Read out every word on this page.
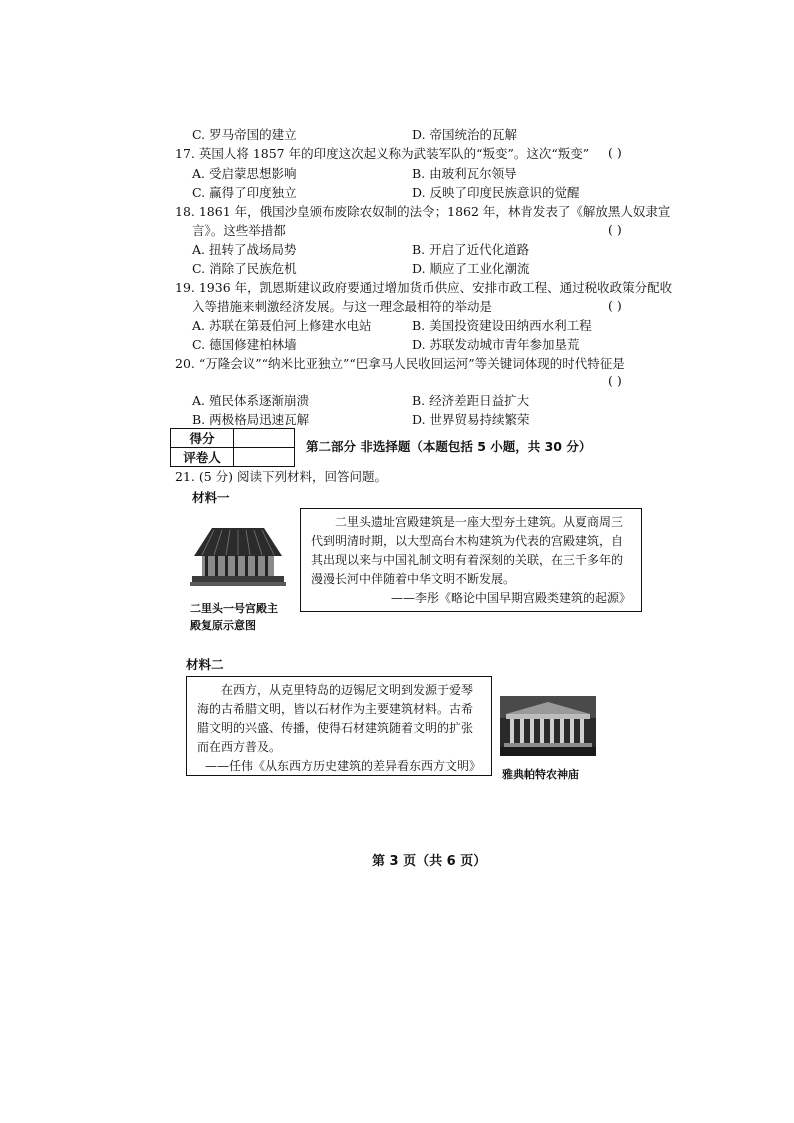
C. 罗马帝国的建立	D. 帝国统治的瓦解
17. 英国人将 1857 年的印度这次起义称为武装军队的“叛变”。这次“叛变” ( )
A. 受启蒙思想影响	B. 由玻利瓦尔领导
C. 赢得了印度独立	D. 反映了印度民族意识的觉醒
18. 1861 年，俄国沙皇颁布废除农奴制的法令；1862 年，林肯发表了《解放黑人奴隶宣
言》。这些举措都	( )
A. 扭转了战场局势	B. 开启了近代化道路
C. 消除了民族危机	D. 顺应了工业化潮流
19. 1936 年，凯恩斯建议政府要通过增加货币供应、安排市政工程、通过税收政策分配收
入等措施来刺激经济发展。与这一理念最相符的举动是	( )
A. 苏联在第聂伯河上修建水电站	B. 美国投资建设田纳西水利工程
C. 德国修建柏林墙	D. 苏联发动城市青年参加垦荒
20. “万隆会议”“纳米比亚独立”“巴拿马人民收回运河”等关键词体现的时代特征是
( )
A. 殖民体系逐渐崩溃	B. 经济差距日益扩大
B. 两极格局迅速瓦解	D. 世界贸易持续繁荣
得分	
评卷人	
第二部分 非选择题（本题包括 5 小题，共 30 分）
21. (5 分) 阅读下列材料，回答问题。
材料一
二里头一号宫殿主
殿复原示意图

二里头遗址宫殿建筑是一座大型夯土建筑。从夏商周三代到明清时期，以大型高台木构建筑为代表的宫殿建筑，自其出现以来与中国礼制文明有着深刻的关联，在三千多年的漫漫长河中伴随着中华文明不断发展。

——李彤《略论中国早期宫殿类建筑的起源》

材料二

在西方，从克里特岛的迈锡尼文明到发源于爱琴海的古希腊文明，皆以石材作为主要建筑材料。古希腊文明的兴盛、传播，使得石材建筑随着文明的扩张而在西方普及。

——任伟《从东西方历史建筑的差异看东西方文明》

雅典帕特农神庙
第 3 页（共 6 页）
